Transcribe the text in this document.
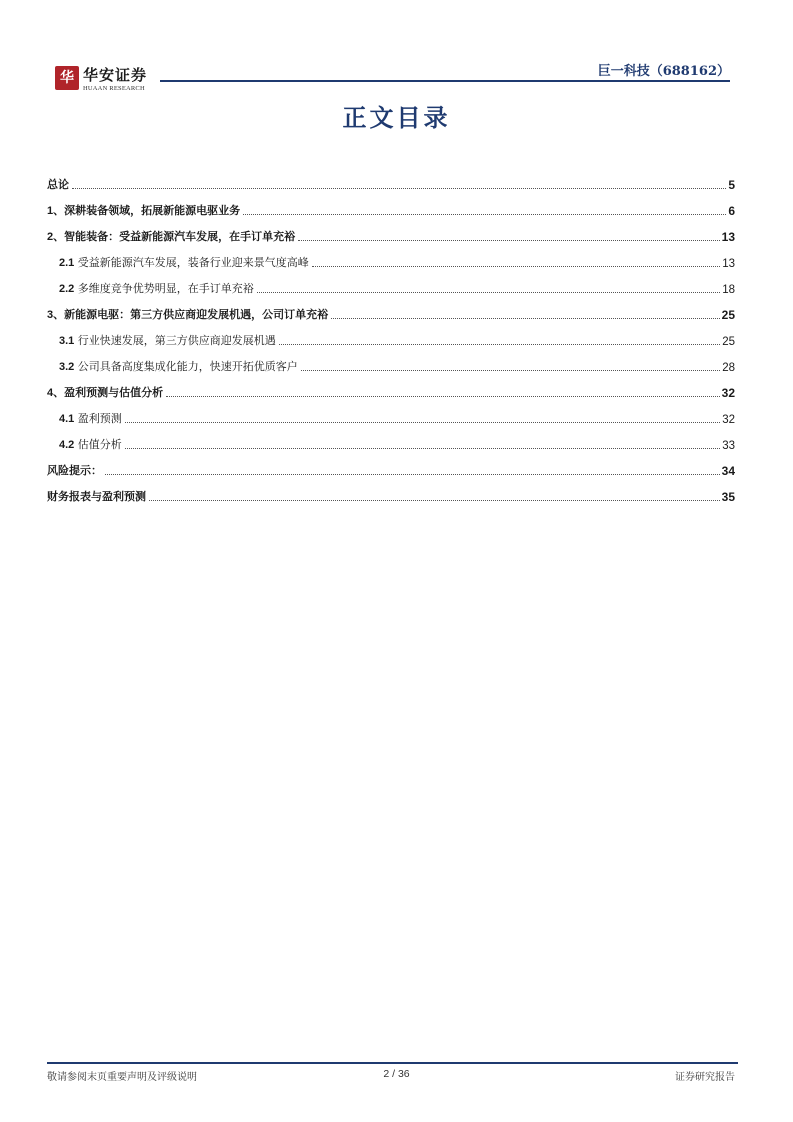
华 华安证券
HUAAN RESEARCH
巨一科技（688162）
正文目录
总论	5
1、深耕装备领域，拓展新能源电驱业务	6
2、智能装备：受益新能源汽车发展，在手订单充裕	13
2.1 受益新能源汽车发展，装备行业迎来景气度高峰	13
2.2 多维度竞争优势明显，在手订单充裕	18
3、新能源电驱：第三方供应商迎发展机遇，公司订单充裕	25
3.1 行业快速发展，第三方供应商迎发展机遇	25
3.2 公司具备高度集成化能力，快速开拓优质客户	28
4、盈利预测与估值分析	32
4.1 盈利预测	32
4.2 估值分析	33
风险提示：	34
财务报表与盈利预测	35
敬请参阅末页重要声明及评级说明	2 / 36	证券研究报告
